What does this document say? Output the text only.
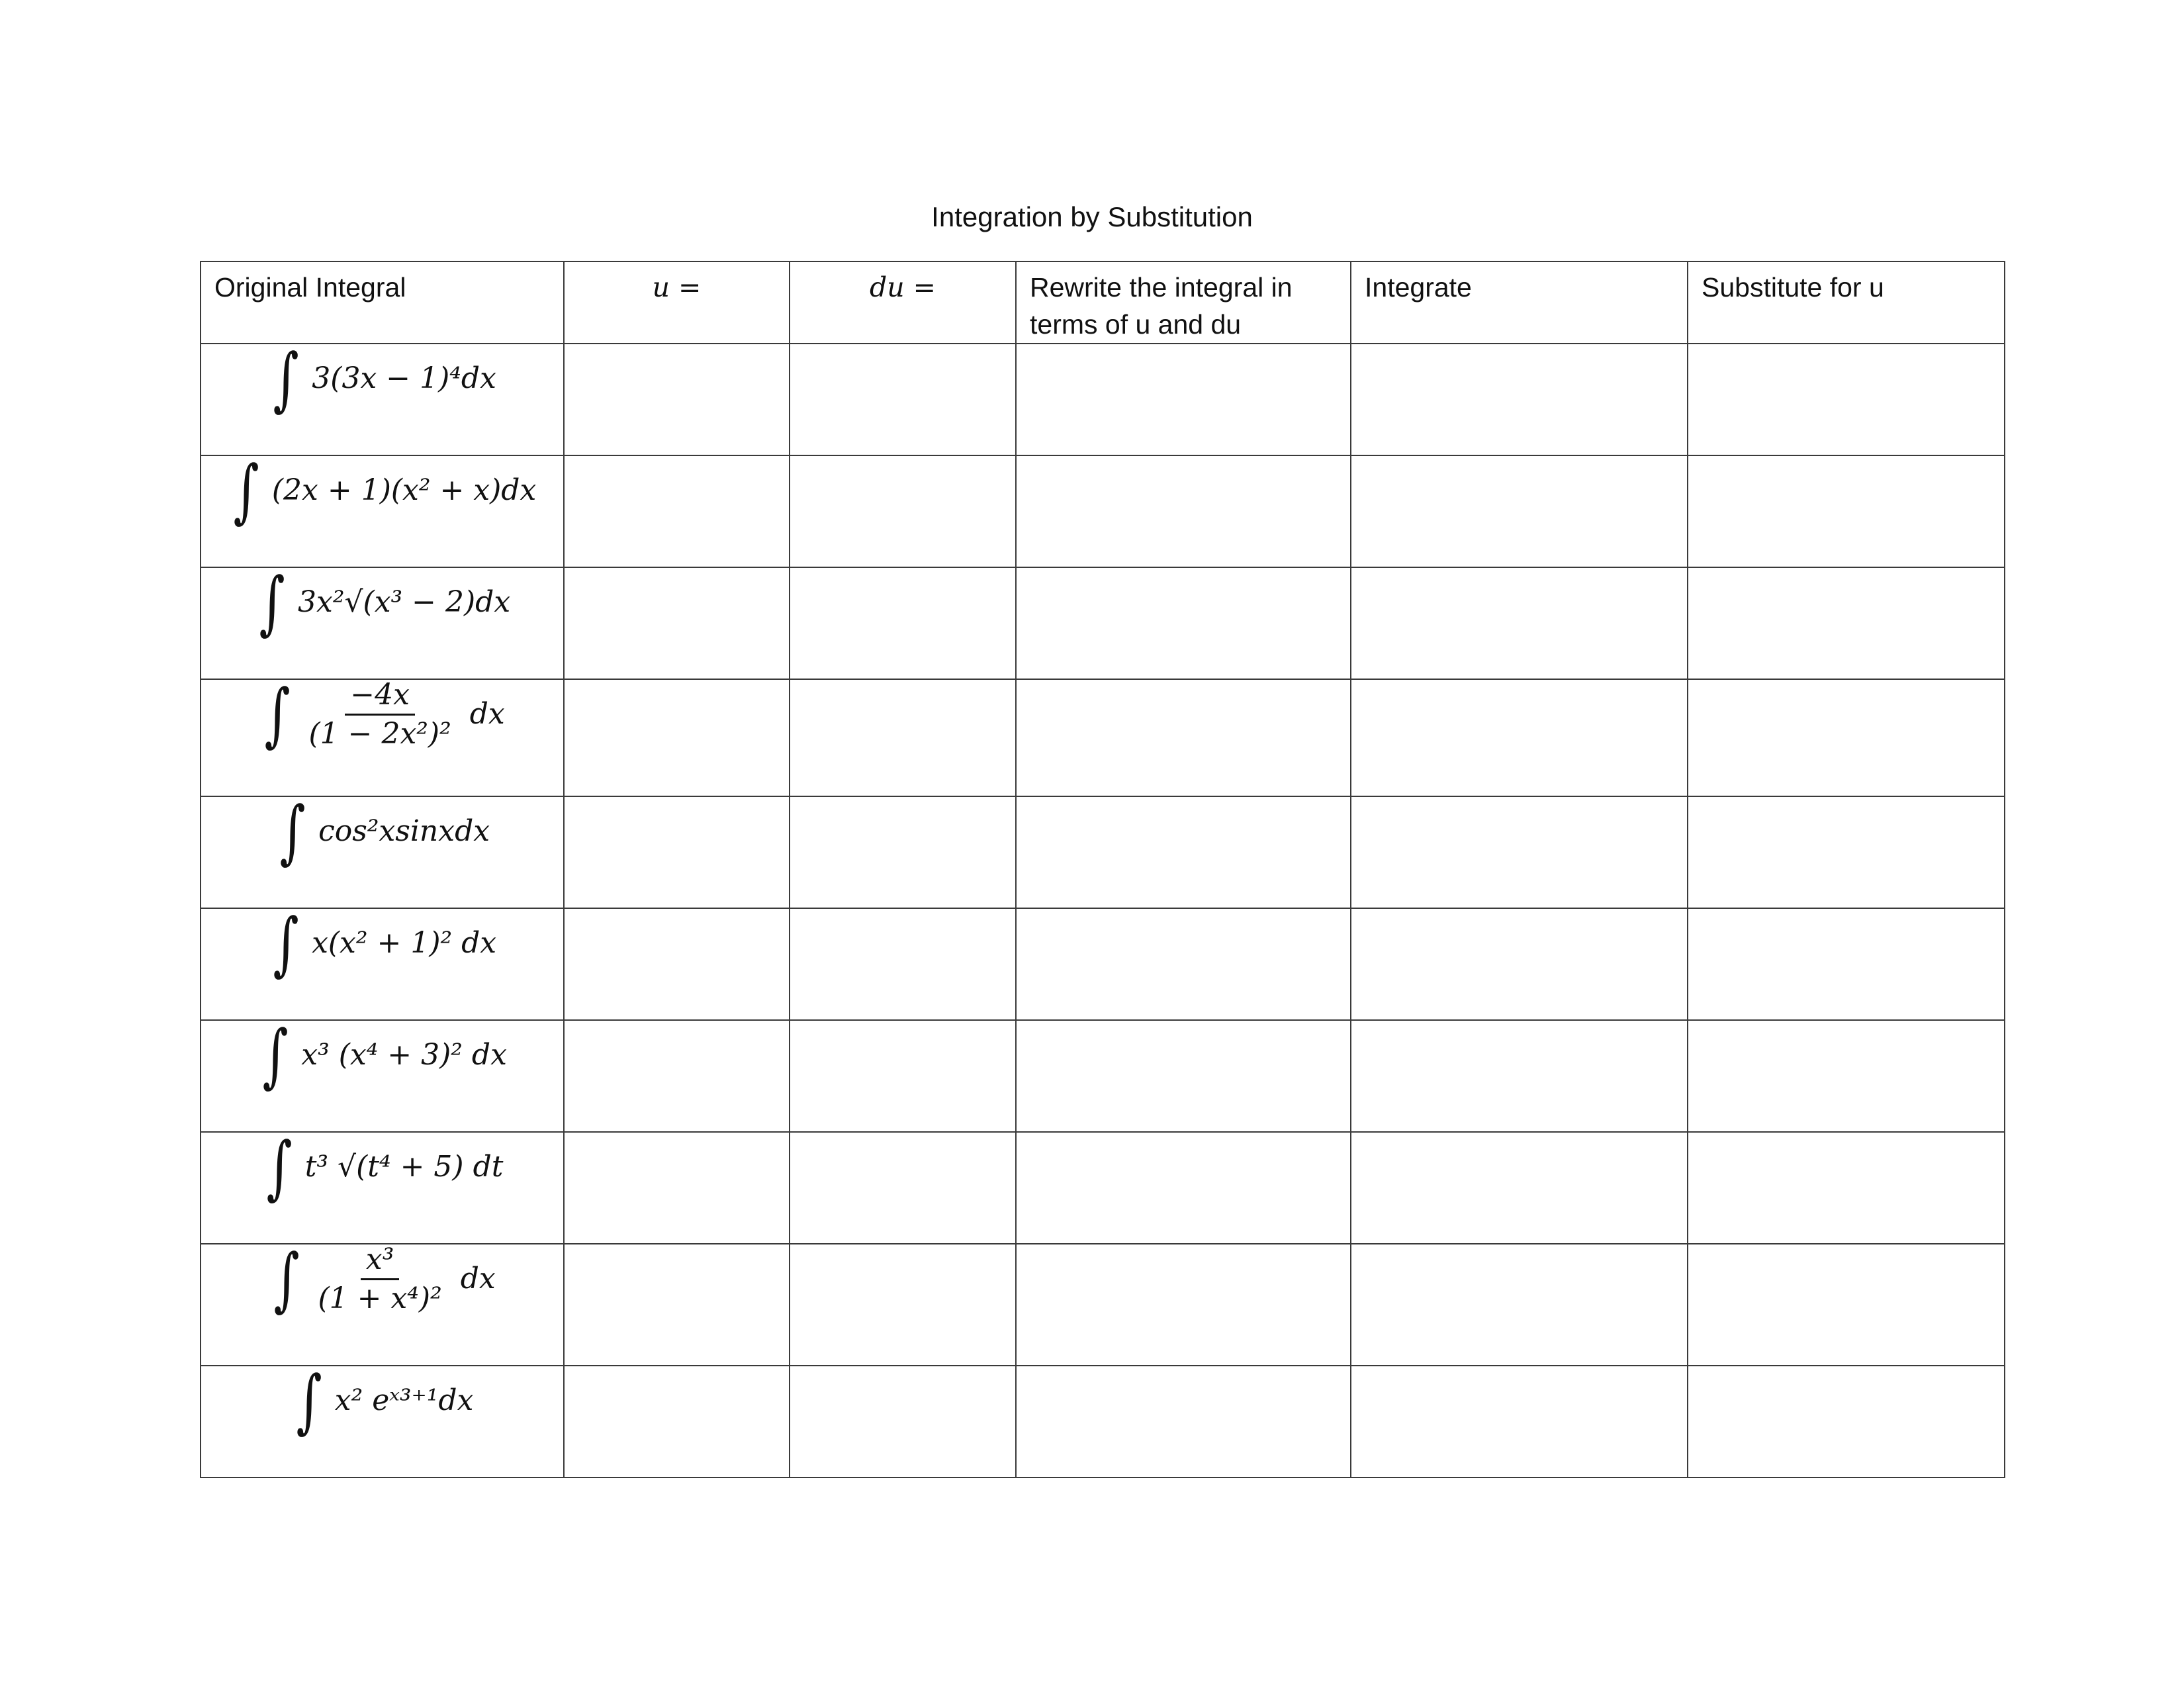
Integration by Substitution
Original Integral	u =	du =	Rewrite the integral in terms of u and du	Integrate	Substitute for u

∫ 3(3x − 1)⁴dx					

∫ (2x + 1)(x² + x)dx					

∫ 3x²√(x³ − 2)dx					

∫ $\frac{-4x}{\text{(1 − 2x²)²}}$ dx					

∫ cos²xsinxdx					

∫ x(x² + 1)² dx					

∫ x³ (x⁴ + 3)² dx					

∫ t³ √(t⁴ + 5) dt					

∫ $\frac{\text{x³}}{\text{(1 + x⁴)²}}$ dx					

∫ x² eˣ³⁺¹dx					
